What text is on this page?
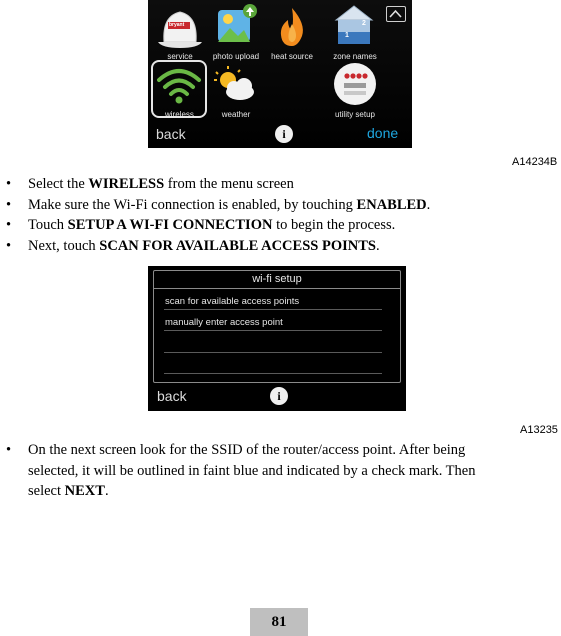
bryant
service	photo upload	heat source
2
1
zone names
wireless	weather	utility setup
back	i	done
A14234B
• Select the WIRELESS from the menu screen
• Make sure the Wi-Fi connection is enabled, by touching ENABLED.
• Touch SETUP A WI-FI CONNECTION to begin the process.
• Next, touch SCAN FOR AVAILABLE ACCESS POINTS.
wi-fi setup
scan for available access points
manually enter access point
back	i
A13235
• On the next screen look for the SSID of the router/access point. After being
selected, it will be outlined in faint blue and indicated by a check mark. Then
select NEXT.
81
